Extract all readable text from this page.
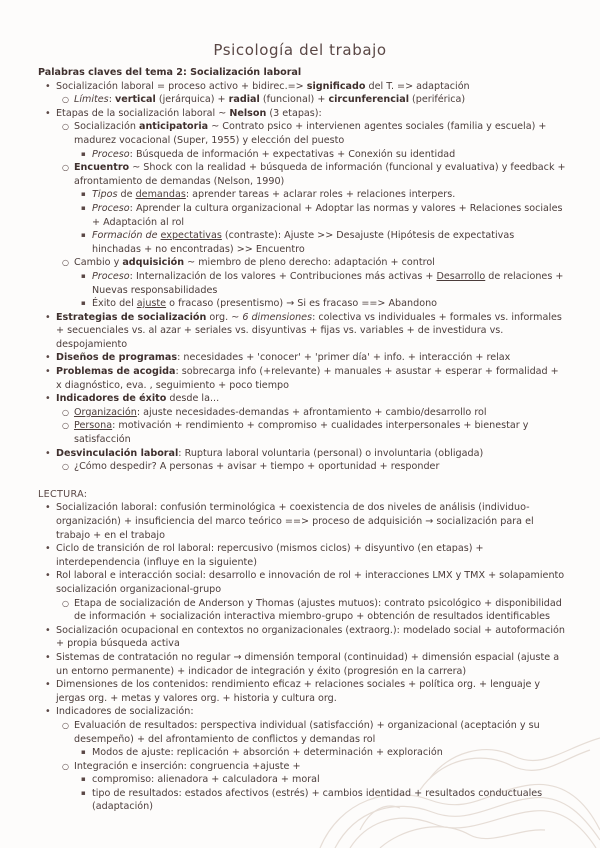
Psicología del trabajo
Palabras claves del tema 2: Socialización laboral
• Socialización laboral = proceso activo + bidirec.=> significado del T. => adaptación
○ Límites: vertical (jerárquica) + radial (funcional) + circunferencial (periférica)
• Etapas de la socialización laboral ~ Nelson (3 etapas):
○ Socialización anticipatoria ~ Contrato psico + intervienen agentes sociales (familia y escuela) + madurez vocacional (Super, 1955) y elección del puesto
▪ Proceso: Búsqueda de información + expectativas + Conexión su identidad
○ Encuentro ~ Shock con la realidad + búsqueda de información (funcional y evaluativa) y feedback + afrontamiento de demandas (Nelson, 1990)
▪ Tipos de demandas: aprender tareas + aclarar roles + relaciones interpers.
▪ Proceso: Aprender la cultura organizacional + Adoptar las normas y valores + Relaciones sociales + Adaptación al rol
▪ Formación de expectativas (contraste): Ajuste >> Desajuste (Hipótesis de expectativas hinchadas + no encontradas) >> Encuentro
○ Cambio y adquisición ~ miembro de pleno derecho: adaptación + control
▪ Proceso: Internalización de los valores + Contribuciones más activas + Desarrollo de relaciones + Nuevas responsabilidades
▪ Éxito del ajuste o fracaso (presentismo) → Si es fracaso ==> Abandono
• Estrategias de socialización org. ~ 6 dimensiones: colectiva vs individuales + formales vs. informales + secuenciales vs. al azar + seriales vs. disyuntivas + fijas vs. variables + de investidura vs. despojamiento
• Diseños de programas: necesidades + 'conocer' + 'primer día' + info. + interacción + relax
• Problemas de acogida: sobrecarga info (+relevante) + manuales + asustar + esperar + formalidad + x diagnóstico, eva. , seguimiento + poco tiempo
• Indicadores de éxito desde la...
○ Organización: ajuste necesidades-demandas + afrontamiento + cambio/desarrollo rol
○ Persona: motivación + rendimiento + compromiso + cualidades interpersonales + bienestar y satisfacción
• Desvinculación laboral: Ruptura laboral voluntaria (personal) o involuntaria (obligada)
○ ¿Cómo despedir? A personas + avisar + tiempo + oportunidad + responder
LECTURA:
• Socialización laboral: confusión terminológica + coexistencia de dos niveles de análisis (individuo-organización) + insuficiencia del marco teórico ==> proceso de adquisición → socialización para el trabajo + en el trabajo
• Ciclo de transición de rol laboral: repercusivo (mismos ciclos) + disyuntivo (en etapas) + interdependencia (influye en la siguiente)
• Rol laboral e interacción social: desarrollo e innovación de rol + interacciones LMX y TMX + solapamiento socialización organizacional-grupo
○ Etapa de socialización de Anderson y Thomas (ajustes mutuos): contrato psicológico + disponibilidad de información + socialización interactiva miembro-grupo + obtención de resultados identificables
• Socialización ocupacional en contextos no organizacionales (extraorg.): modelado social + autoformación + propia búsqueda activa
• Sistemas de contratación no regular → dimensión temporal (continuidad) + dimensión espacial (ajuste a un entorno permanente) + indicador de integración y éxito (progresión en la carrera)
• Dimensiones de los contenidos: rendimiento eficaz + relaciones sociales + política org. + lenguaje y jergas org. + metas y valores org. + historia y cultura org.
• Indicadores de socialización:
○ Evaluación de resultados: perspectiva individual (satisfacción) + organizacional (aceptación y su desempeño) + del afrontamiento de conflictos y demandas rol
▪ Modos de ajuste: replicación + absorción + determinación + exploración
○ Integración e inserción: congruencia +ajuste +
▪ compromiso: alienadora + calculadora + moral
▪ tipo de resultados: estados afectivos (estrés) + cambios identidad + resultados conductuales (adaptación)
